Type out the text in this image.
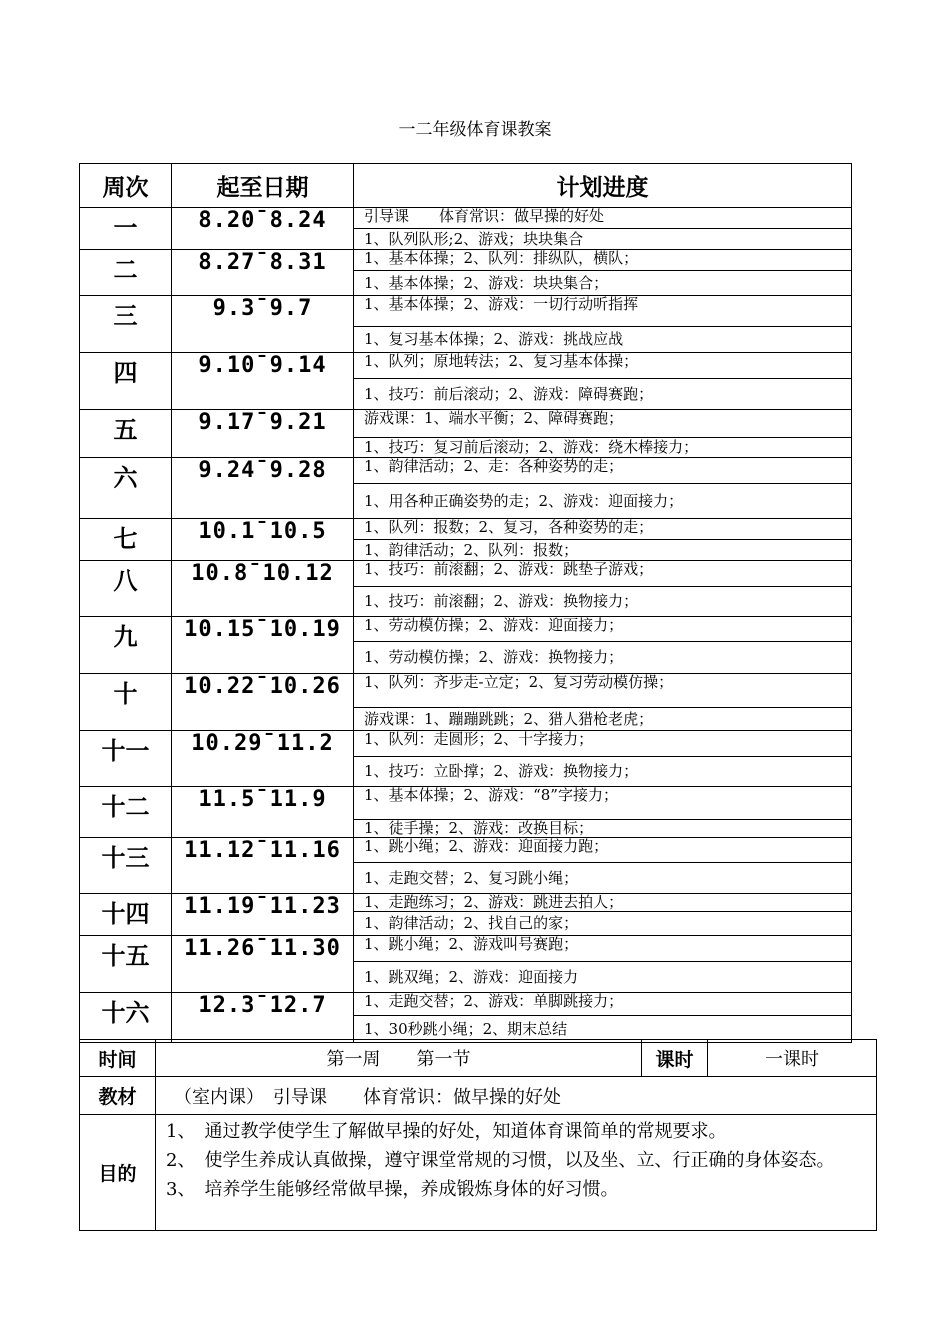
一二年级体育课教案
周次	起至日期	计划进度
一	8.20¯8.24	引导课　　体育常识：做早操的好处
1、队列队形;2、游戏；块块集合

二	8.27¯8.31	1、基本体操；2、队列：排纵队，横队；
1、基本体操；2、游戏：块块集合；

三	9.3¯9.7	1、基本体操；2、游戏：一切行动听指挥
1、复习基本体操；2、游戏：挑战应战

四	9.10¯9.14	1、队列；原地转法；2、复习基本体操；
1、技巧：前后滚动；2、游戏：障碍赛跑；

五	9.17¯9.21	游戏课：1、端水平衡；2、障碍赛跑；
1、技巧：复习前后滚动；2、游戏：绕木棒接力；

六	9.24¯9.28	1、韵律活动；2、走：各种姿势的走；
1、用各种正确姿势的走；2、游戏：迎面接力；

七	10.1¯10.5	1、队列：报数；2、复习，各种姿势的走；
1、韵律活动；2、队列：报数；

八	10.8¯10.12	1、技巧：前滚翻；2、游戏：跳垫子游戏；
1、技巧：前滚翻；2、游戏：换物接力；

九	10.15¯10.19	1、劳动模仿操；2、游戏：迎面接力；
1、劳动模仿操；2、游戏：换物接力；

十	10.22¯10.26	1、队列：齐步走-立定；2、复习劳动模仿操；
游戏课：1、蹦蹦跳跳；2、猎人猎枪老虎；

十一	10.29¯11.2	1、队列：走圆形；2、十字接力；
1、技巧：立卧撑；2、游戏：换物接力；

十二	11.5¯11.9	1、基本体操；2、游戏：“8”字接力；
1、徒手操；2、游戏：改换目标；

十三	11.12¯11.16	1、跳小绳；2、游戏：迎面接力跑；
1、走跑交替；2、复习跳小绳；

十四	11.19¯11.23	1、走跑练习；2、游戏：跳进去拍人；
1、韵律活动；2、找自己的家；

十五	11.26¯11.30	1、跳小绳；2、游戏叫号赛跑；
1、跳双绳；2、游戏：迎面接力

十六	12.3¯12.7	1、走跑交替；2、游戏：单脚跳接力；
1、30秒跳小绳；2、期末总结
时间	第一周　　第一节	课时	一课时
教材	（室内课）　引导课　　体育常识：做早操的好处		
目的	1、　通过教学使学生了解做早操的好处，知道体育课简单的常规要求。
2、　使学生养成认真做操，遵守课堂常规的习惯，以及坐、立、行正确的身体姿态。
3、　培养学生能够经常做早操，养成锻炼身体的好习惯。		
